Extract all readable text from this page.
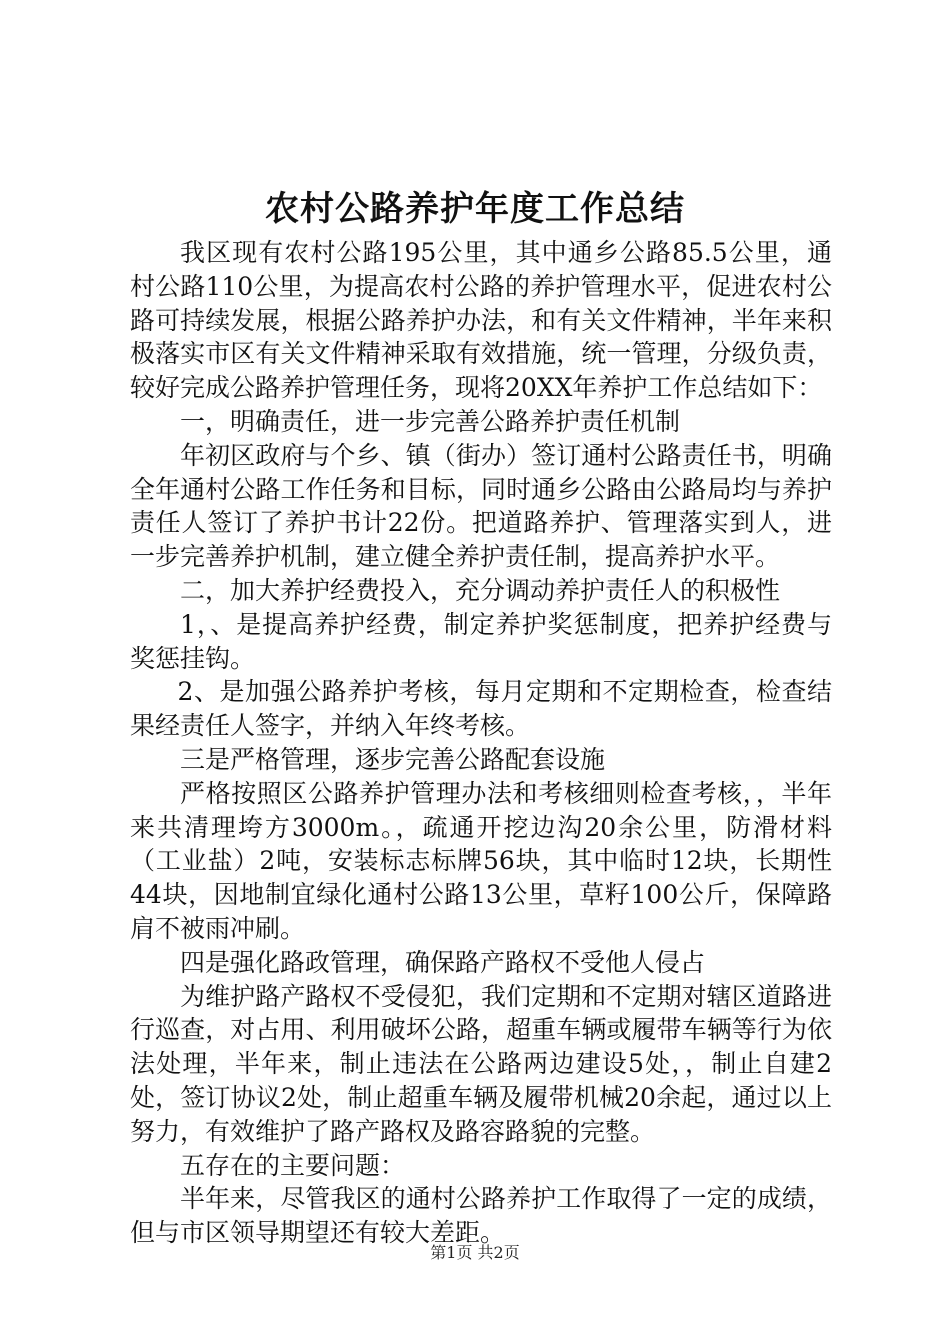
农村公路养护年度工作总结

我区现有农村公路195公里，其中通乡公路85.5公里，通村公路110公里，为提高农村公路的养护管理水平，促进农村公路可持续发展，根据公路养护办法，和有关文件精神，半年来积极落实市区有关文件精神采取有效措施，统一管理，分级负责，较好完成公路养护管理任务，现将20XX年养护工作总结如下：

一，明确责任，进一步完善公路养护责任机制

年初区政府与个乡、镇（街办）签订通村公路责任书，明确全年通村公路工作任务和目标，同时通乡公路由公路局均与养护责任人签订了养护书计22份。把道路养护、管理落实到人，进一步完善养护机制，建立健全养护责任制，提高养护水平。

二，加大养护经费投入，充分调动养护责任人的积极性

1，、是提高养护经费，制定养护奖惩制度，把养护经费与奖惩挂钩。

2、是加强公路养护考核，每月定期和不定期检查，检查结果经责任人签字，并纳入年终考核。

三是严格管理，逐步完善公路配套设施

严格按照区公路养护管理办法和考核细则检查考核，，半年来共清理垮方3000m。，疏通开挖边沟20余公里，防滑材料（工业盐）2吨，安装标志标牌56块，其中临时12块，长期性44块，因地制宜绿化通村公路13公里，草籽100公斤，保障路肩不被雨冲刷。

四是强化路政管理，确保路产路权不受他人侵占

为维护路产路权不受侵犯，我们定期和不定期对辖区道路进行巡查，对占用、利用破坏公路，超重车辆或履带车辆等行为依法处理，半年来，制止违法在公路两边建设5处，，制止自建2处，签订协议2处，制止超重车辆及履带机械20余起，通过以上努力，有效维护了路产路权及路容路貌的完整。

五存在的主要问题：

半年来，尽管我区的通村公路养护工作取得了一定的成绩，但与市区领导期望还有较大差距。

第1页 共2页
